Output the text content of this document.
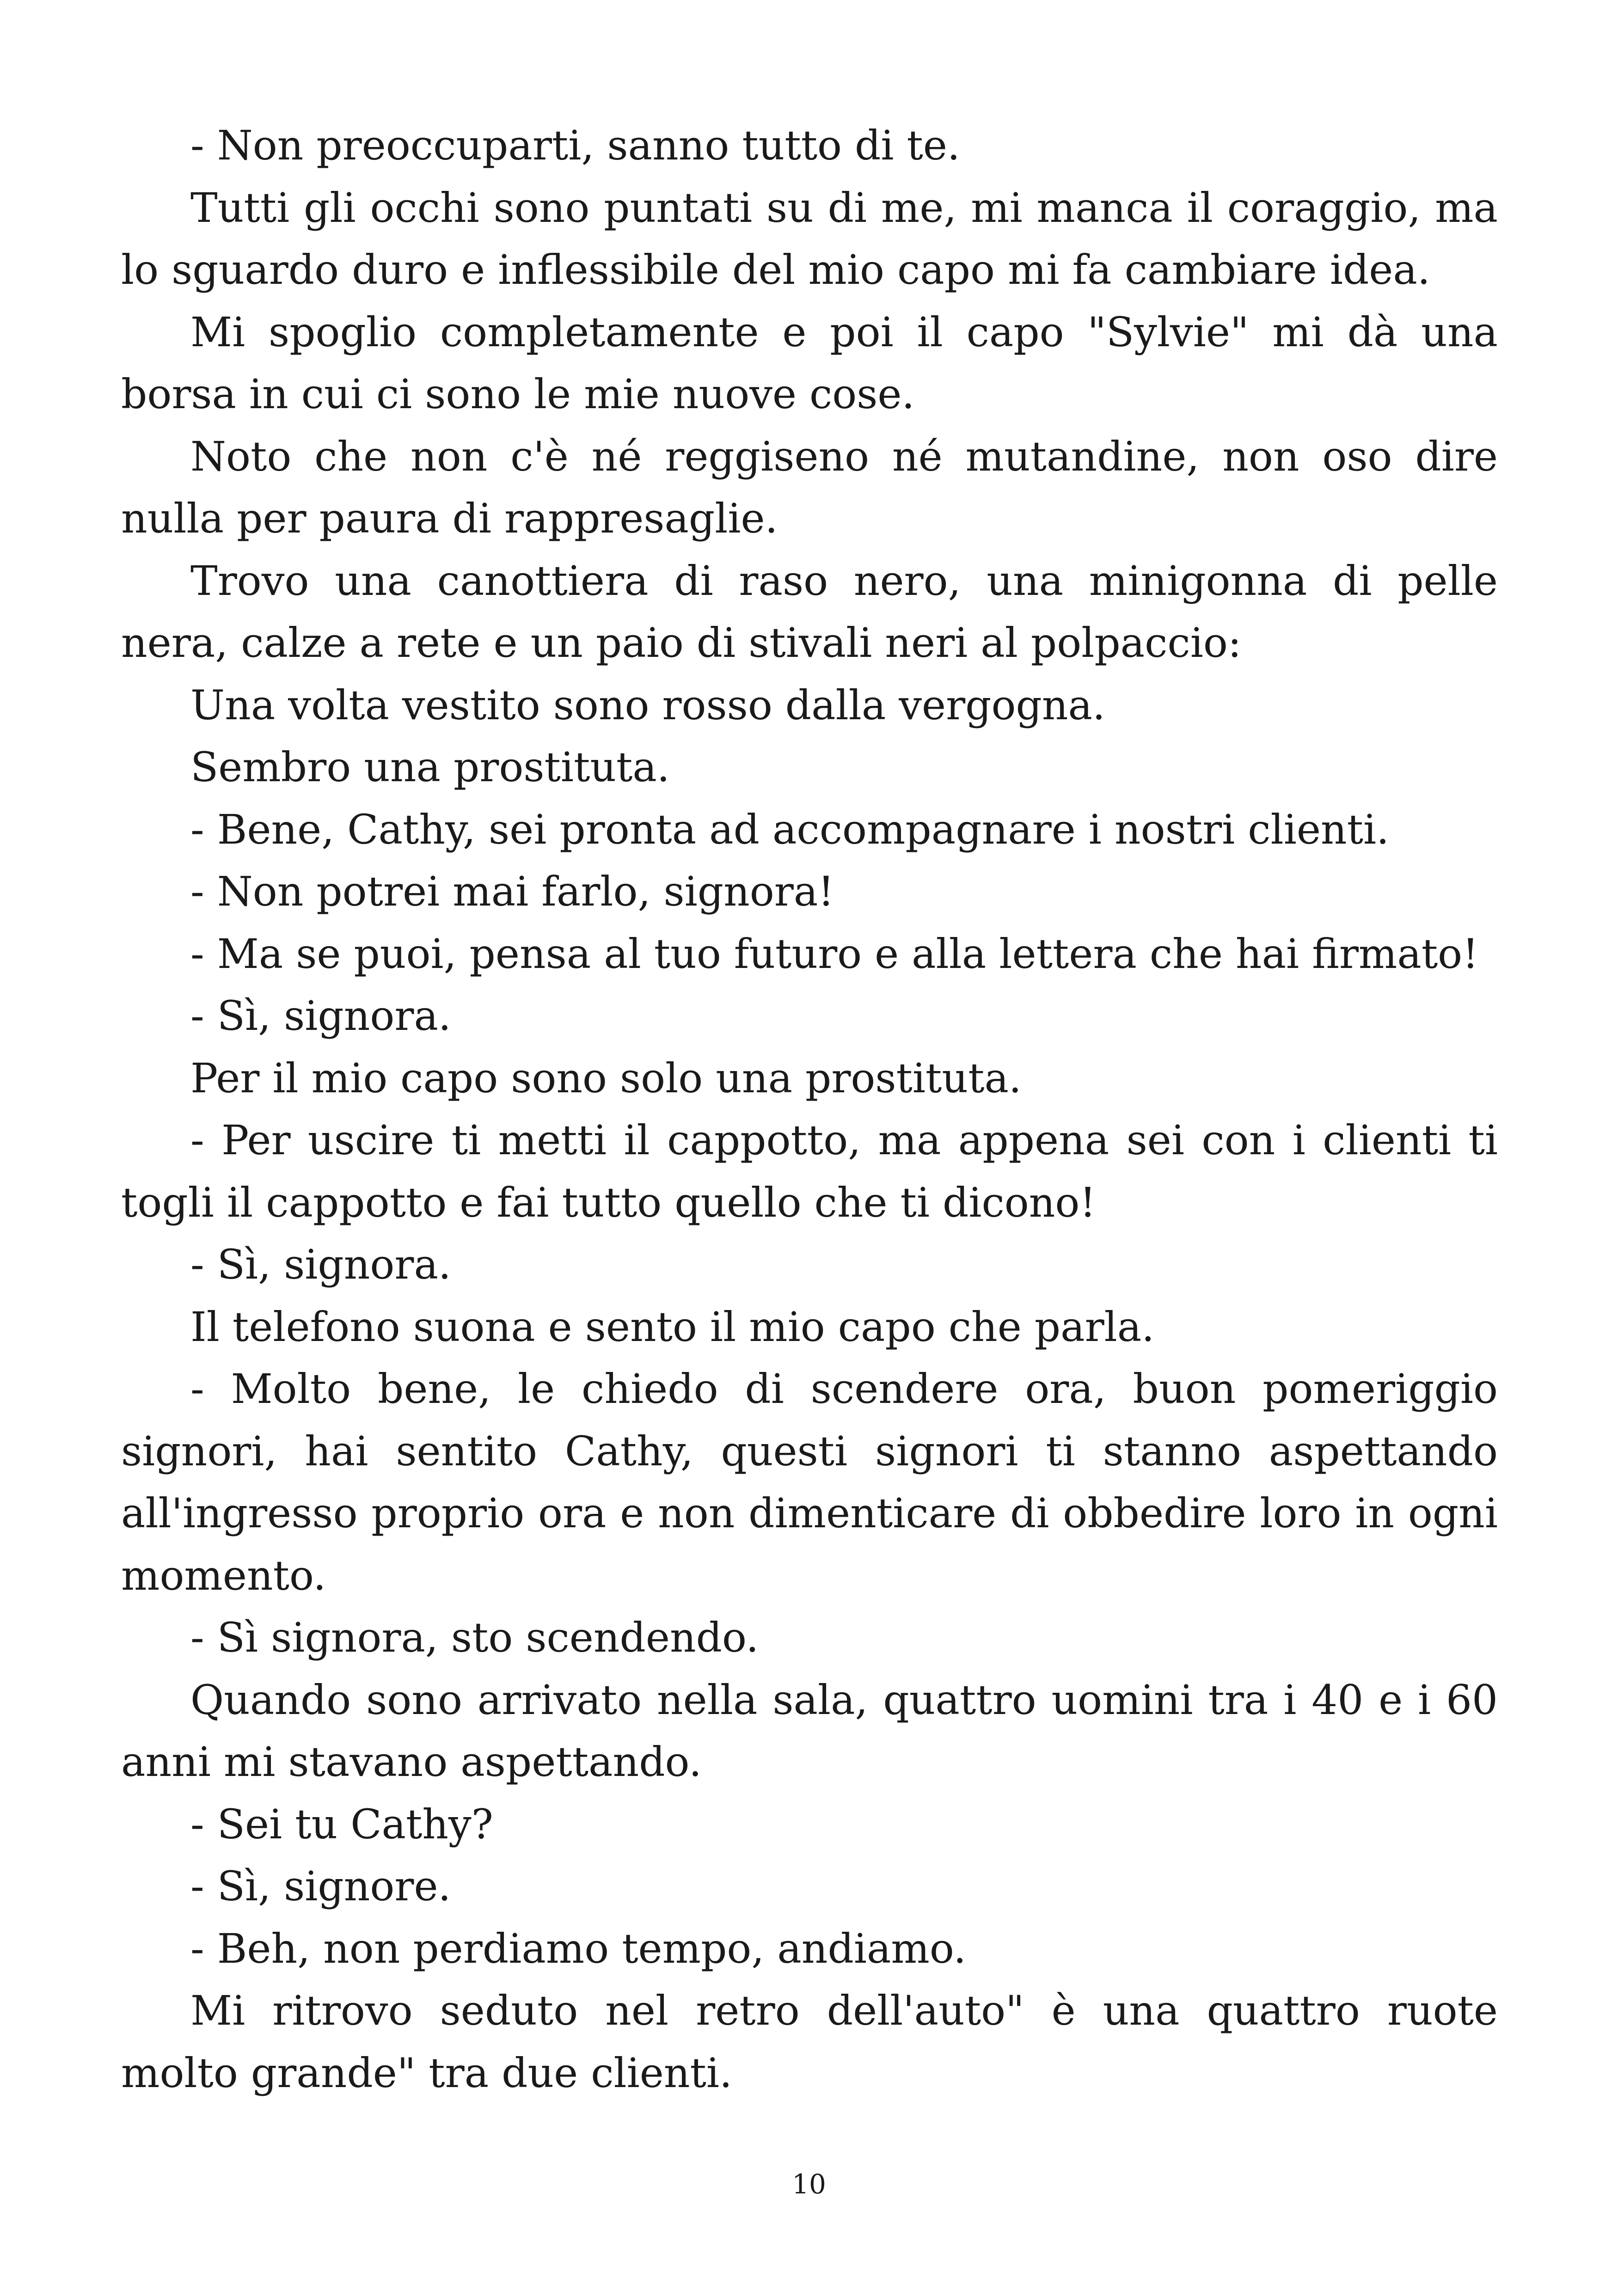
- Non preoccuparti, sanno tutto di te.

Tutti gli occhi sono puntati su di me, mi manca il coraggio, ma lo sguardo duro e inflessibile del mio capo mi fa cambiare idea.

Mi spoglio completamente e poi il capo "Sylvie" mi dà una borsa in cui ci sono le mie nuove cose.

Noto che non c'è né reggiseno né mutandine, non oso dire nulla per paura di rappresaglie.

Trovo una canottiera di raso nero, una minigonna di pelle nera, calze a rete e un paio di stivali neri al polpaccio:

Una volta vestito sono rosso dalla vergogna.

Sembro una prostituta.

- Bene, Cathy, sei pronta ad accompagnare i nostri clienti.

- Non potrei mai farlo, signora!

- Ma se puoi, pensa al tuo futuro e alla lettera che hai firmato!

- Sì, signora.

Per il mio capo sono solo una prostituta.

- Per uscire ti metti il cappotto, ma appena sei con i clienti ti togli il cappotto e fai tutto quello che ti dicono!

- Sì, signora.

Il telefono suona e sento il mio capo che parla.

- Molto bene, le chiedo di scendere ora, buon pomeriggio signori, hai sentito Cathy, questi signori ti stanno aspettando all'ingresso proprio ora e non dimenticare di obbedire loro in ogni momento.

- Sì signora, sto scendendo.

Quando sono arrivato nella sala, quattro uomini tra i 40 e i 60 anni mi stavano aspettando.

- Sei tu Cathy?

- Sì, signore.

- Beh, non perdiamo tempo, andiamo.

Mi ritrovo seduto nel retro dell'auto" è una quattro ruote molto grande" tra due clienti.

10
